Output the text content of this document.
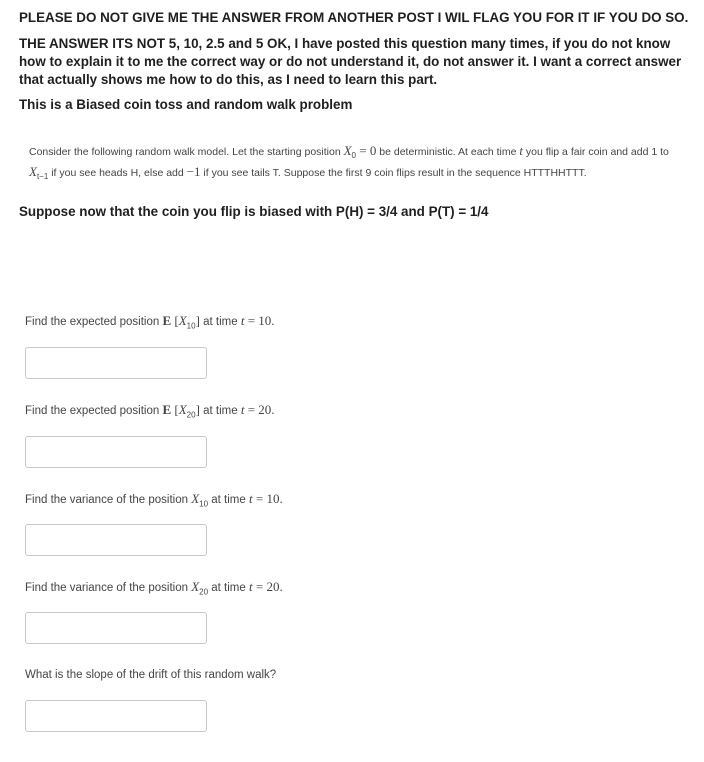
PLEASE DO NOT GIVE ME THE ANSWER FROM ANOTHER POST I WIL FLAG YOU FOR IT IF YOU DO SO.
THE ANSWER ITS NOT 5, 10, 2.5 and 5 OK, I have posted this question many times, if you do not know how to explain it to me the correct way or do not understand it, do not answer it. I want a correct answer that actually shows me how to do this, as I need to learn this part.
This is a Biased coin toss and random walk problem
Consider the following random walk model. Let the starting position $X_0 = 0$ be deterministic. At each time t you flip a fair coin and add 1 to $X_{t-1}$ if you see heads H, else add −1 if you see tails T. Suppose the first 9 coin flips result in the sequence HTTTHHTTT.
Suppose now that the coin you flip is biased with P(H) = 3/4 and P(T) = 1/4
Find the expected position E $[X_{10}]$ at time t = 10.
Find the expected position E $[X_{20}]$ at time t = 20.
Find the variance of the position $X_{10}$ at time t = 10.
Find the variance of the position $X_{20}$ at time t = 20.
What is the slope of the drift of this random walk?
